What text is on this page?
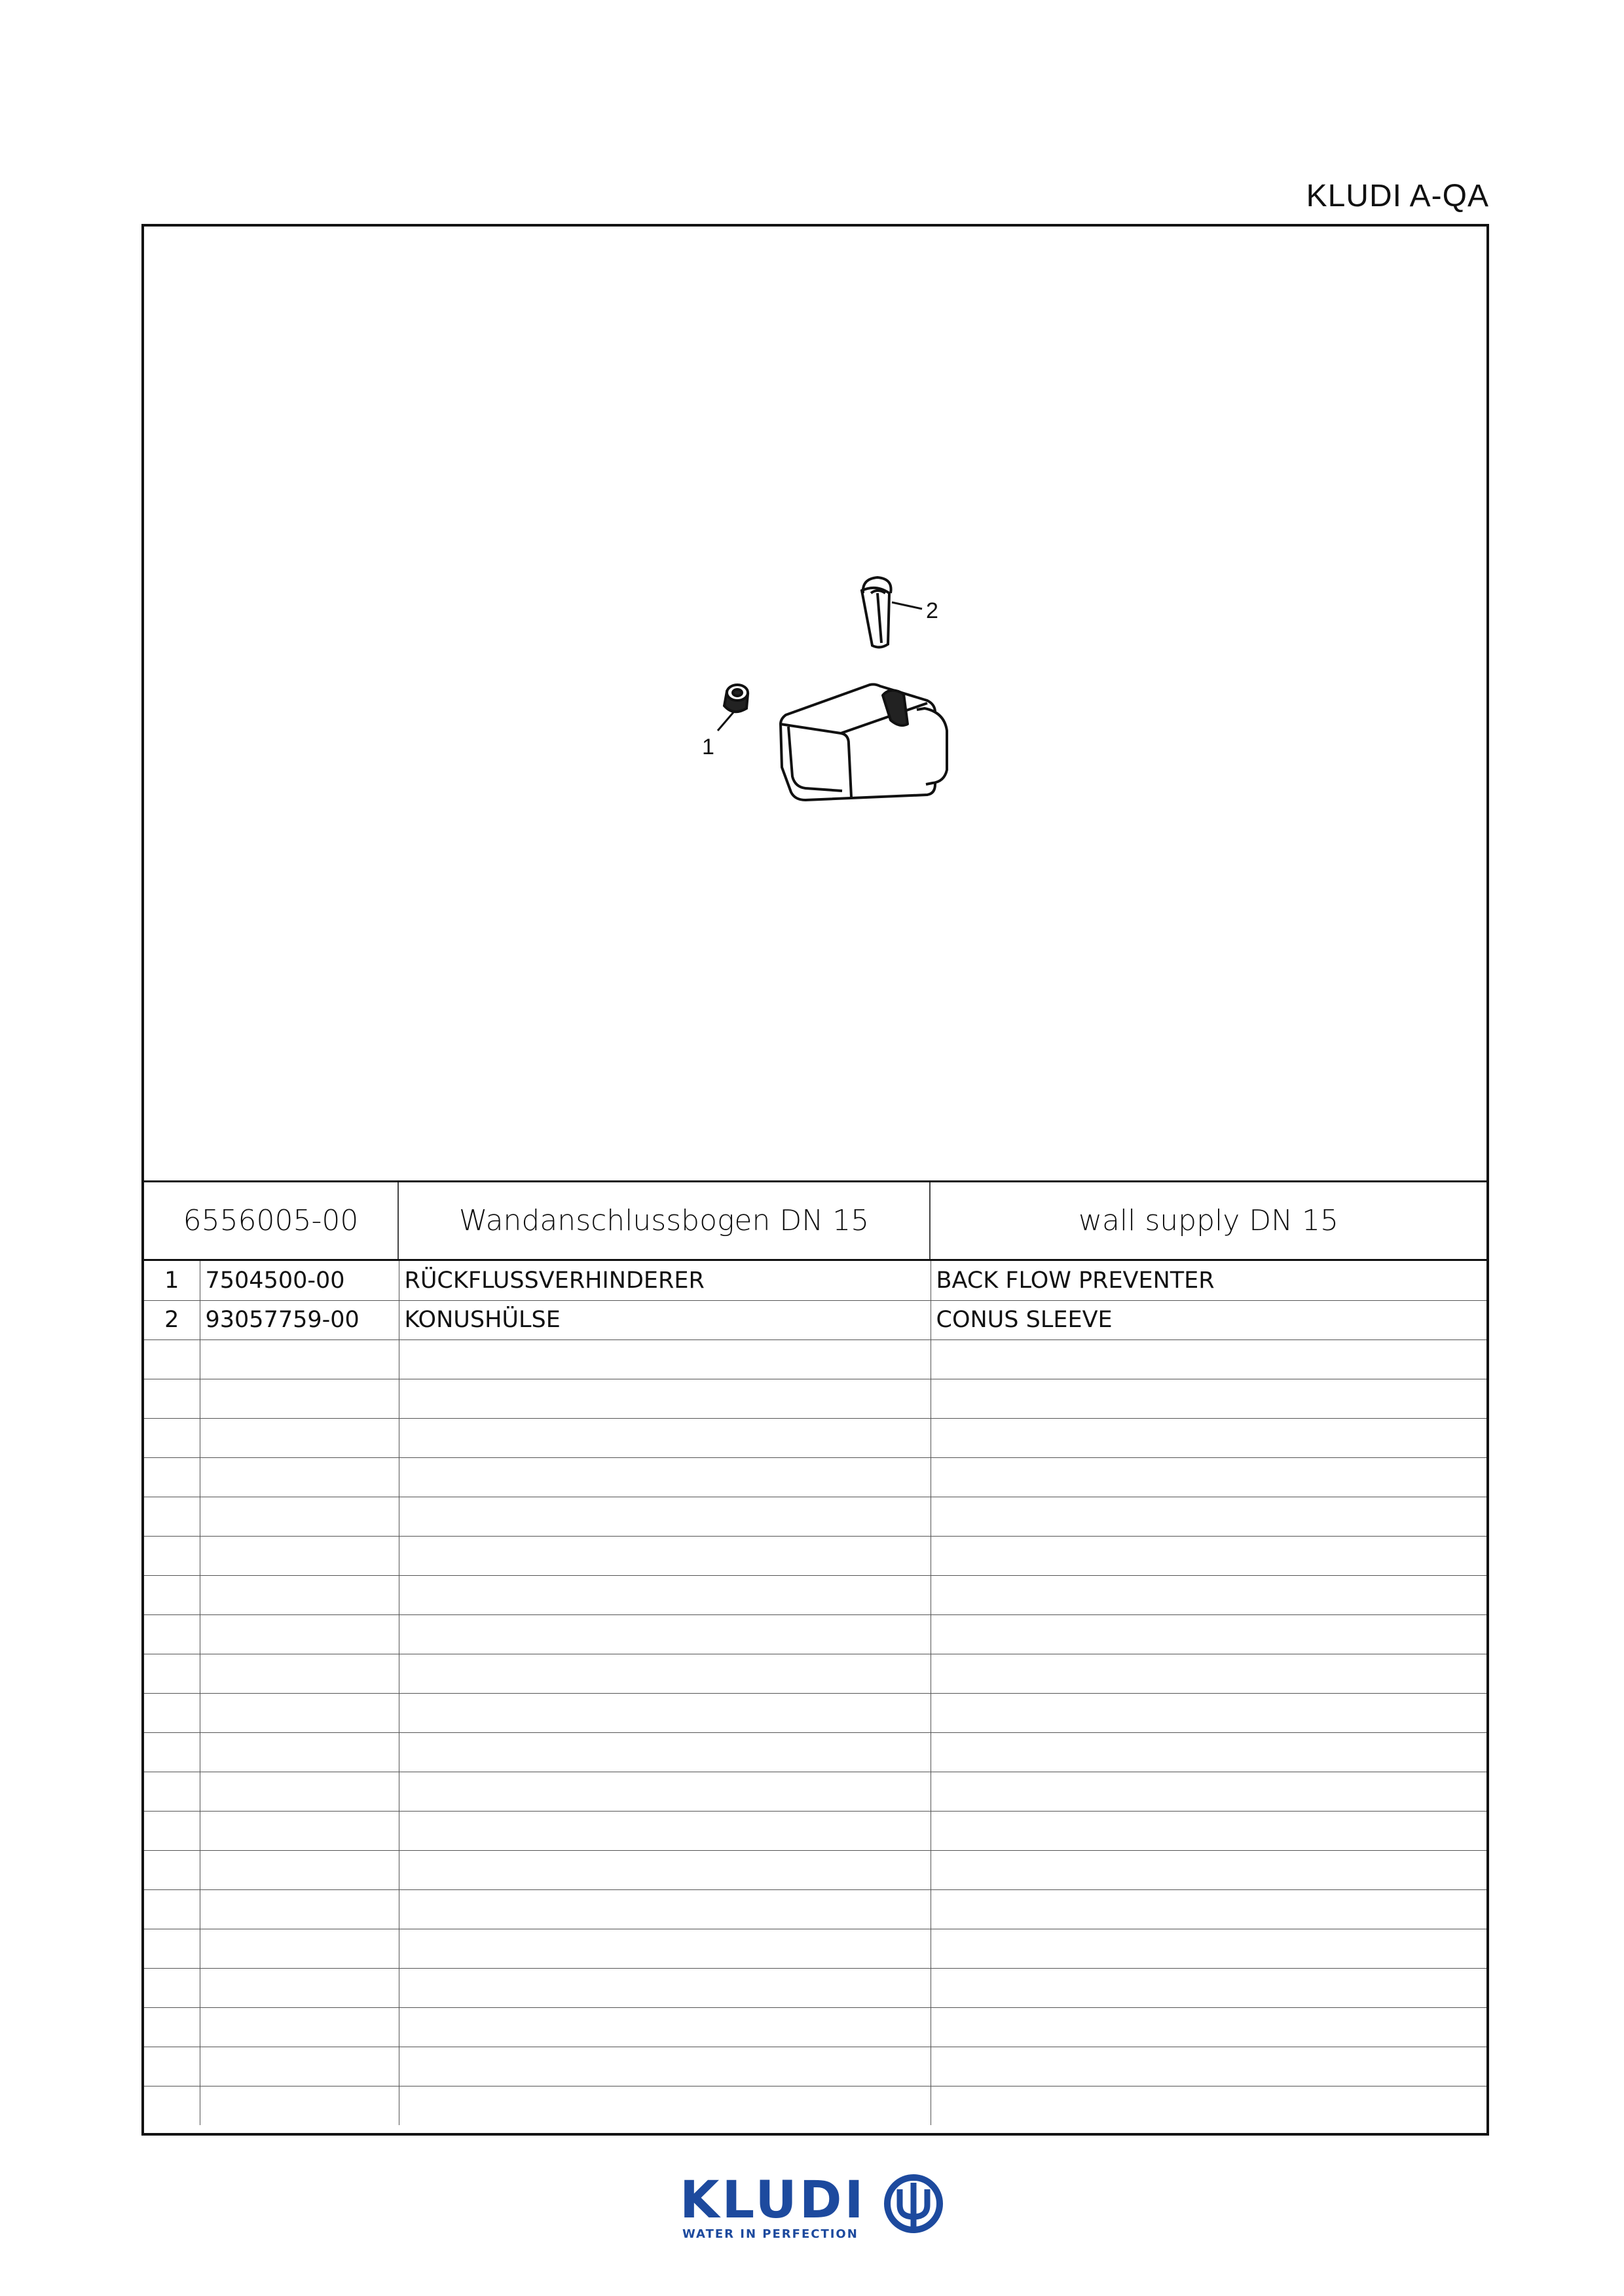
KLUDI A-QA
2
1
6556005-00	Wandanschlussbogen DN 15	wall supply DN 15
1	7504500-00	RÜCKFLUSSVERHINDERER	BACK FLOW PREVENTER
2	93057759-00	KONUSHÜLSE	CONUS SLEEVE

KLUDI
WATER IN PERFECTION
